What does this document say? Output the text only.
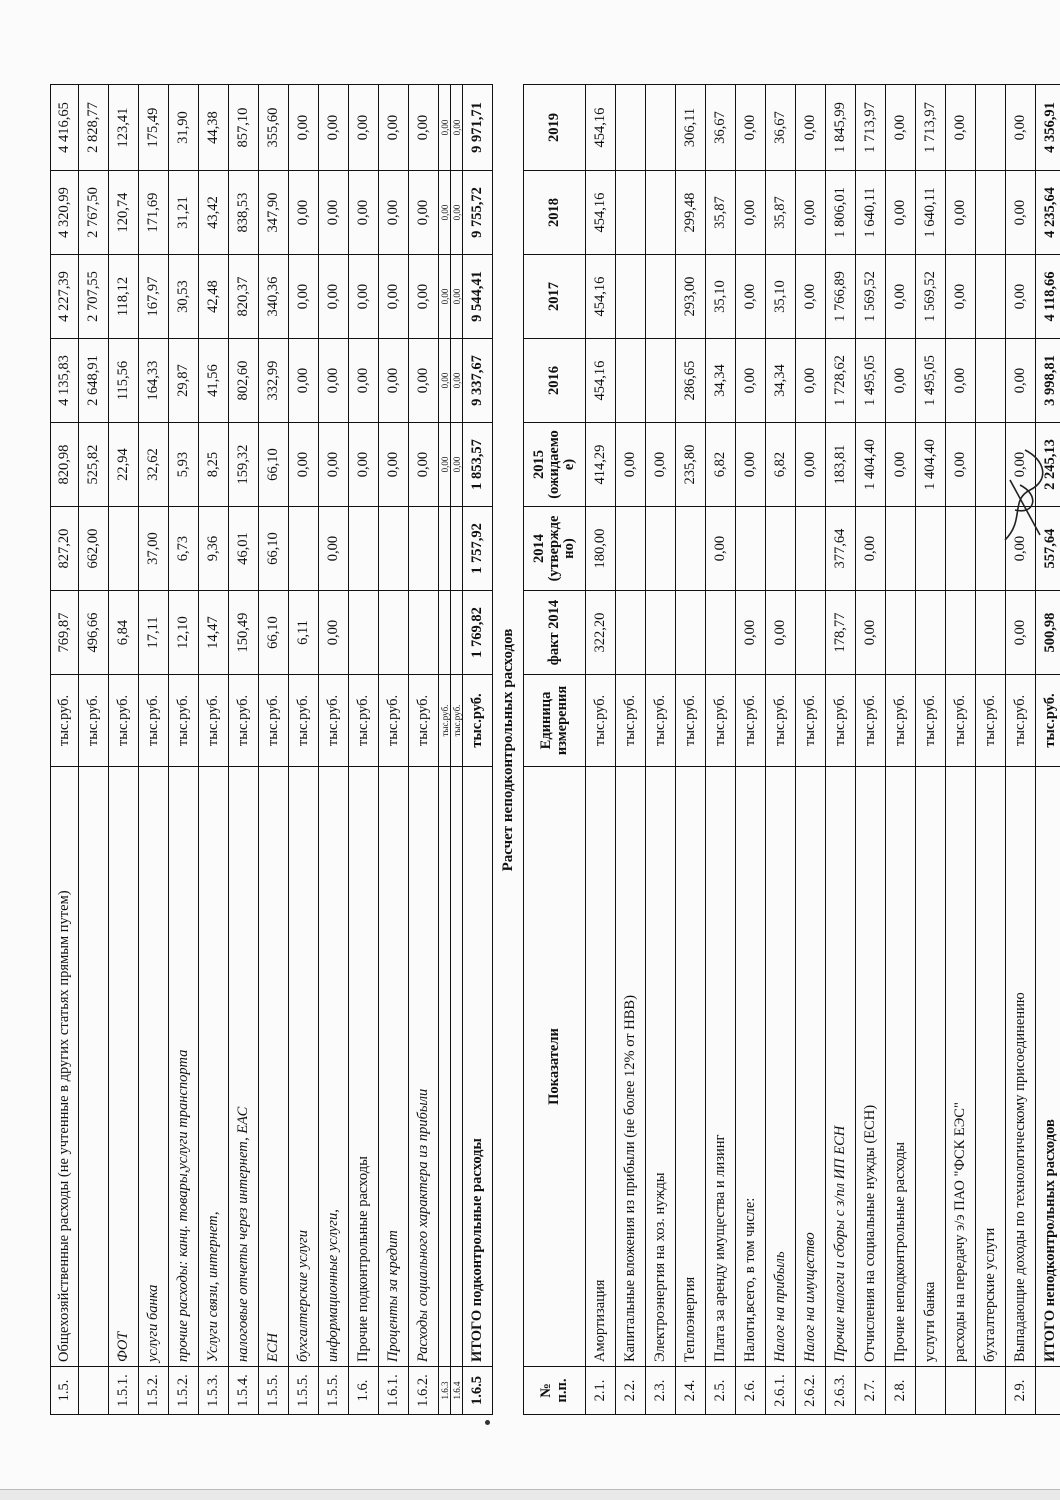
1.5.	Общехозяйственные расходы (не учтенные в других статьях прямым путем)	тыс.руб.	769,87	827,20	820,98	4 135,83	4 227,39	4 320,99	4 416,65
		тыс.руб.	496,66	662,00	525,82	2 648,91	2 707,55	2 767,50	2 828,77
1.5.1.	ФОТ	тыс.руб.	6,84		22,94	115,56	118,12	120,74	123,41
1.5.2.	услуги банка	тыс.руб.	17,11	37,00	32,62	164,33	167,97	171,69	175,49
1.5.2.	прочие расходы: канц. товары,услуги транспорта	тыс.руб.	12,10	6,73	5,93	29,87	30,53	31,21	31,90
1.5.3.	Услуги связи, интернет,	тыс.руб.	14,47	9,36	8,25	41,56	42,48	43,42	44,38
1.5.4.	налоговые отчеты через интернет, ЕАС	тыс.руб.	150,49	46,01	159,32	802,60	820,37	838,53	857,10
1.5.5.	ЕСН	тыс.руб.	66,10	66,10	66,10	332,99	340,36	347,90	355,60
1.5.5.	бухгалтерские услуги	тыс.руб.	6,11		0,00	0,00	0,00	0,00	0,00
1.5.5.	информационные услуги,	тыс.руб.	0,00	0,00	0,00	0,00	0,00	0,00	0,00
1.6.	Прочие подконтрольные расходы	тыс.руб.			0,00	0,00	0,00	0,00	0,00
1.6.1.	Проценты за кредит	тыс.руб.			0,00	0,00	0,00	0,00	0,00
1.6.2.	Расходы социального характера из прибыли	тыс.руб.			0,00	0,00	0,00	0,00	0,00
1.6.3		тыс.руб.			0,00	0,00	0,00	0,00	0,00
1.6.4		тыс.руб.			0,00	0,00	0,00	0,00	0,00
1.6.5	ИТОГО подконтрольные расходы	тыс.руб.	1 769,82	1 757,92	1 853,57	9 337,67	9 544,41	9 755,72	9 971,71
Расчет неподконтрольных расходов
№ п.п.	Показатели	Единица измерения	факт 2014	2014 (утвержде но)	2015 (ожидаемо е)	2016	2017	2018	2019
2.1.	Амортизация	тыс.руб.	322,20	180,00	414,29	454,16	454,16	454,16	454,16
2.2.	Капитальные вложения из прибыли (не более 12% от НВВ)	тыс.руб.			0,00				
2.3.	Электроэнергия на хоз. нужды	тыс.руб.			0,00				
2.4.	Теплоэнергия	тыс.руб.			235,80	286,65	293,00	299,48	306,11
2.5.	Плата за аренду имущества и лизинг	тыс.руб.		0,00	6,82	34,34	35,10	35,87	36,67
2.6.	Налоги,всего, в том числе:	тыс.руб.	0,00		0,00	0,00	0,00	0,00	0,00
2.6.1.	Налог на прибыль	тыс.руб.	0,00		6,82	34,34	35,10	35,87	36,67
2.6.2.	Налог на имущество	тыс.руб.			0,00	0,00	0,00	0,00	0,00
2.6.3.	Прочие налоги и сборы с з/пл ИП ЕСН	тыс.руб.	178,77	377,64	183,81	1 728,62	1 766,89	1 806,01	1 845,99
2.7.	Отчисления на социальные нужды (ЕСН)	тыс.руб.	0,00	0,00	1 404,40	1 495,05	1 569,52	1 640,11	1 713,97
2.8.	Прочие неподконтрольные расходы	тыс.руб.			0,00	0,00	0,00	0,00	0,00
	услуги банка	тыс.руб.			1 404,40	1 495,05	1 569,52	1 640,11	1 713,97
	расходы на передачу э/э ПАО "ФСК ЕЭС"	тыс.руб.			0,00	0,00	0,00	0,00	0,00
	бухгалтерские услуги	тыс.руб.							
2.9.	Выпадающие доходы по технологическому присоединению	тыс.руб.	0,00	0,00	0,00	0,00	0,00	0,00	0,00
	ИТОГО неподконтрольных расходов	тыс.руб.	500,98	557,64	2 245,13	3 998,81	4 118,66	4 235,64	4 356,91
